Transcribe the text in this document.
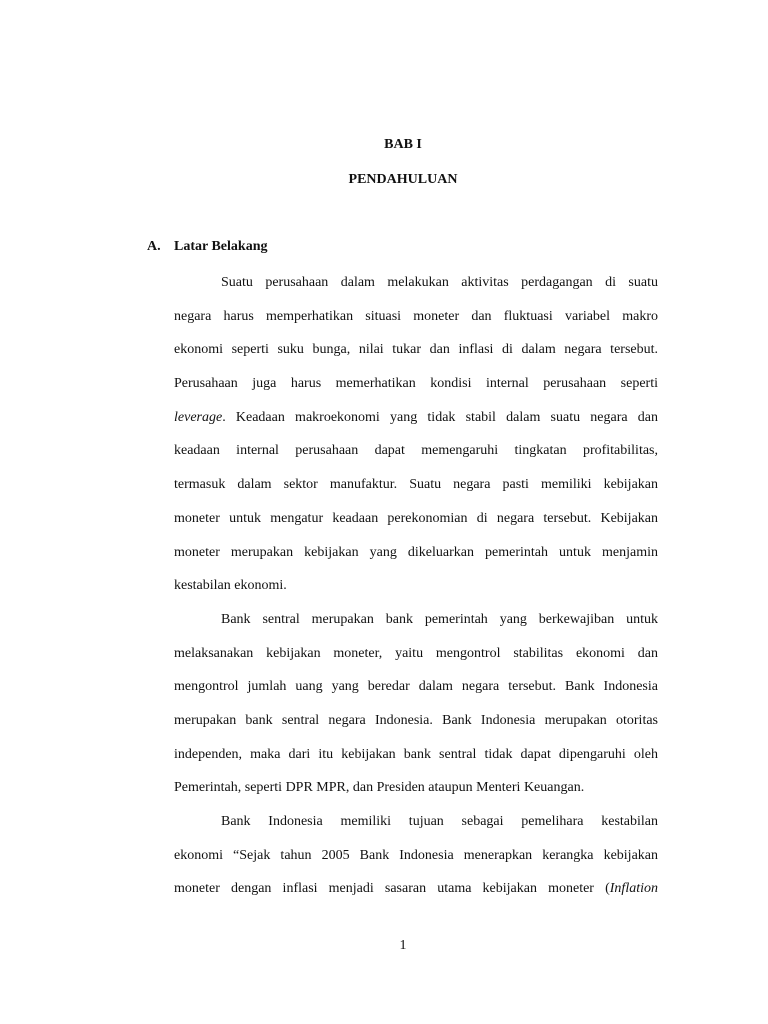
BAB I
PENDAHULUAN
A. Latar Belakang
Suatu perusahaan dalam melakukan aktivitas perdagangan di suatu
negara harus memperhatikan situasi moneter dan fluktuasi variabel makro
ekonomi seperti suku bunga, nilai tukar dan inflasi di dalam negara tersebut.
Perusahaan juga harus memerhatikan kondisi internal perusahaan seperti
leverage. Keadaan makroekonomi yang tidak stabil dalam suatu negara dan
keadaan internal perusahaan dapat memengaruhi tingkatan profitabilitas,
termasuk dalam sektor manufaktur. Suatu negara pasti memiliki kebijakan
moneter untuk mengatur keadaan perekonomian di negara tersebut. Kebijakan
moneter merupakan kebijakan yang dikeluarkan pemerintah untuk menjamin
kestabilan ekonomi.
Bank sentral merupakan bank pemerintah yang berkewajiban untuk
melaksanakan kebijakan moneter, yaitu mengontrol stabilitas ekonomi dan
mengontrol jumlah uang yang beredar dalam negara tersebut. Bank Indonesia
merupakan bank sentral negara Indonesia. Bank Indonesia merupakan otoritas
independen, maka dari itu kebijakan bank sentral tidak dapat dipengaruhi oleh
Pemerintah, seperti DPR MPR, dan Presiden ataupun Menteri Keuangan.
Bank Indonesia memiliki tujuan sebagai pemelihara kestabilan
ekonomi “Sejak tahun 2005 Bank Indonesia menerapkan kerangka kebijakan
moneter dengan inflasi menjadi sasaran utama kebijakan moneter (Inflation
1
